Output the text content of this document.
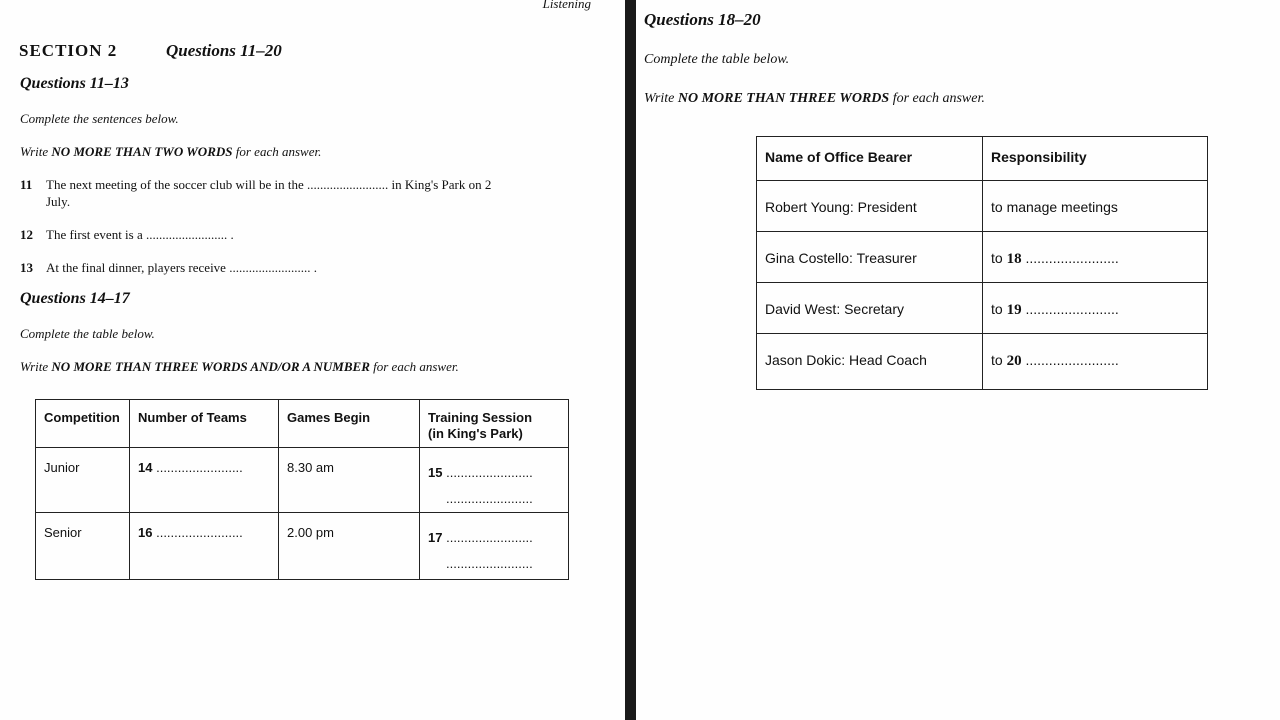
Listening
SECTION 2	Questions 11–20
Questions 11–13
Complete the sentences below.
Write NO MORE THAN TWO WORDS for each answer.
11 The next meeting of the soccer club will be in the ......................... in King's Park on 2
July.
12 The first event is a ......................... .
13 At the final dinner, players receive ......................... .
Questions 14–17
Complete the table below.
Write NO MORE THAN THREE WORDS AND/OR A NUMBER for each answer.
Competition	Number of Teams	Games Begin	Training Session
(in King's Park)

Junior	14 ........................	8.30 am	15 ........................
........................

Senior	16 ........................	2.00 pm	17 ........................
........................
Questions 18–20
Complete the table below.
Write NO MORE THAN THREE WORDS for each answer.
Name of Office Bearer	Responsibility

Robert Young: President	to manage meetings

Gina Costello: Treasurer	to 18 ........................

David West: Secretary	to 19 ........................

Jason Dokic: Head Coach	to 20 ........................
